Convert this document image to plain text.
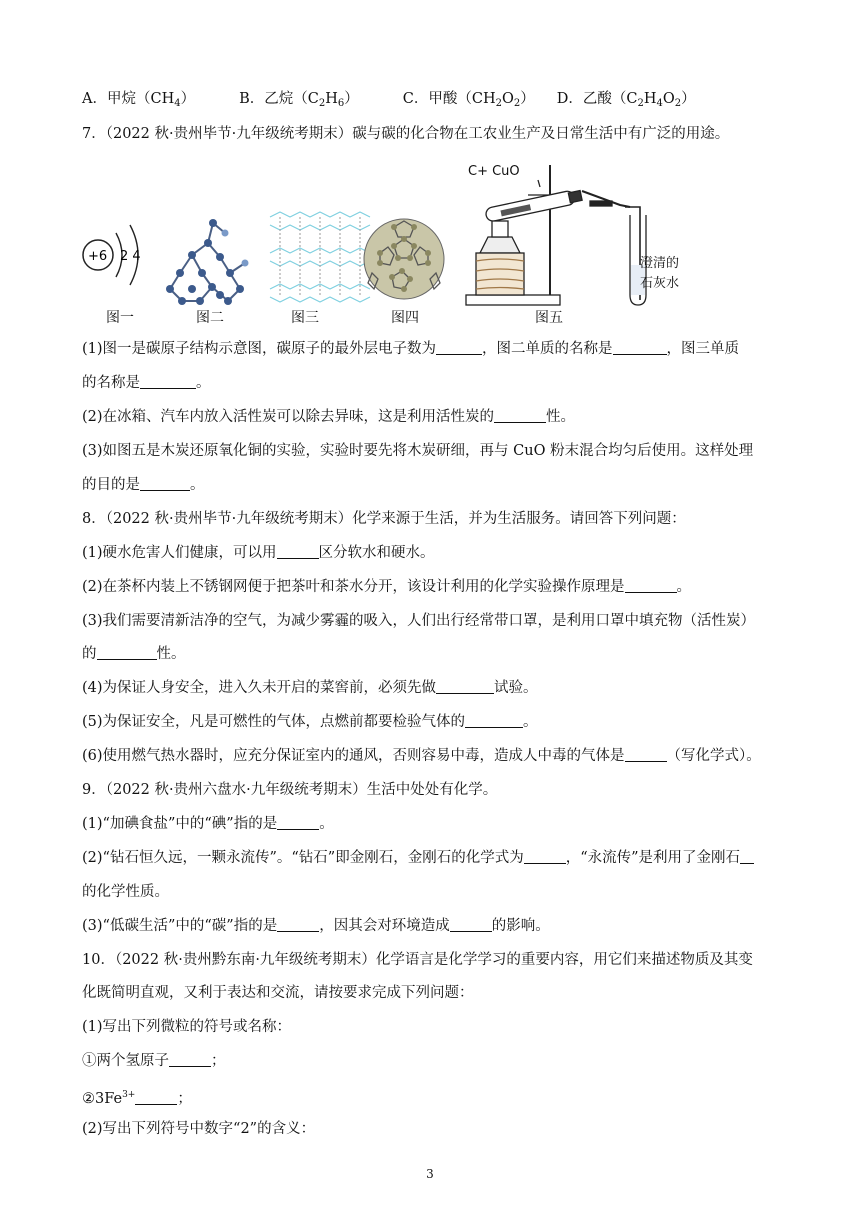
A．甲烷（CH4）	B．乙烷（C2H6）	C．甲酸（CH2O2） D．乙酸（C2H4O2）
7．（2022 秋·贵州毕节·九年级统考期末）碳与碳的化合物在工农业生产及日常生活中有广泛的用途。
+6 2 4
C+ CuO
澄清的
石灰水
图一	图二	图三	图四	图五
(1)图一是碳原子结构示意图，碳原子的最外层电子数为	，图二单质的名称是	，图三单质
的名称是	。
(2)在冰箱、汽车内放入活性炭可以除去异味，这是利用活性炭的	性。
(3)如图五是木炭还原氧化铜的实验，实验时要先将木炭研细，再与 CuO 粉末混合均匀后使用。这样处理
的目的是	。
8．（2022 秋·贵州毕节·九年级统考期末）化学来源于生活，并为生活服务。请回答下列问题：
(1)硬水危害人们健康，可以用	区分软水和硬水。
(2)在茶杯内装上不锈钢网便于把茶叶和茶水分开，该设计利用的化学实验操作原理是	。
(3)我们需要清新洁净的空气，为减少雾霾的吸入，人们出行经常带口罩，是利用口罩中填充物（活性炭）
的	性。
(4)为保证人身安全，进入久未开启的菜窖前，必须先做	试验。
(5)为保证安全，凡是可燃性的气体，点燃前都要检验气体的	。
(6)使用燃气热水器时，应充分保证室内的通风，否则容易中毒，造成人中毒的气体是	（写化学式）。
9．（2022 秋·贵州六盘水·九年级统考期末）生活中处处有化学。
(1)“加碘食盐”中的“碘”指的是	。
(2)“钻石恒久远，一颗永流传”。“钻石”即金刚石，金刚石的化学式为	，“永流传”是利用了金刚石
的化学性质。
(3)“低碳生活”中的“碳”指的是	，因其会对环境造成	的影响。
10．（2022 秋·贵州黔东南·九年级统考期末）化学语言是化学学习的重要内容，用它们来描述物质及其变
化既简明直观，又利于表达和交流，请按要求完成下列问题：
(1)写出下列微粒的符号或名称：
①两个氢原子	；
$②3Fe^{3+}$	；
(2)写出下列符号中数字“2”的含义：
3
